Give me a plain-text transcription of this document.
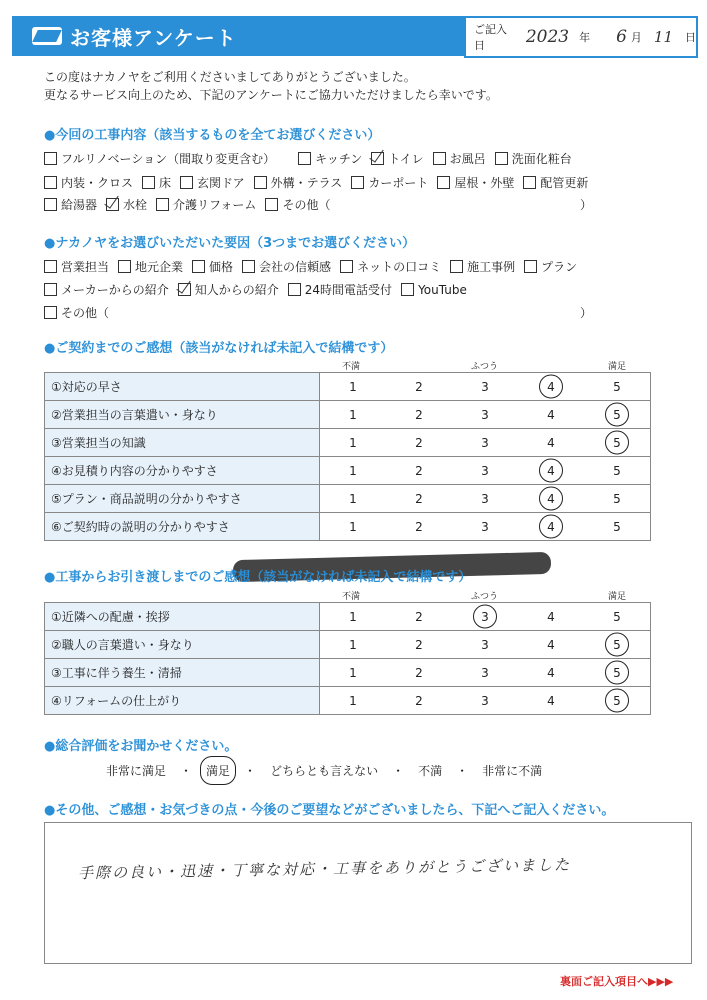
お客様アンケート	ご記入日	2023 年 6 月 11 日
この度はナカノヤをご利用くださいましてありがとうございました。
更なるサービス向上のため、下記のアンケートにご協力いただけましたら幸いです。
●今回の工事内容（該当するものを全てお選びください）
フルリノベーション（間取り変更含む）	キッチン トイレ お風呂 洗面化粧台
内装・クロス 床 玄関ドア 外構・テラス カーポート 屋根・外壁 配管更新
給湯器 水栓 介護リフォーム その他（	）
●ナカノヤをお選びいただいた要因（3つまでお選びください）
営業担当 地元企業 価格 会社の信頼感 ネットの口コミ 施工事例 プラン
メーカーからの紹介 知人からの紹介 24時間電話受付 YouTube
その他（	）
●ご契約までのご感想（該当がなければ未記入で結構です）
不満	ふつう	満足
①対応の早さ	1	2	3	4	5
②営業担当の言葉遣い・身なり	1	2	3	4	5
③営業担当の知識	1	2	3	4	5
④お見積り内容の分かりやすさ	1	2	3	4	5
⑤プラン・商品説明の分かりやすさ	1	2	3	4	5
⑥ご契約時の説明の分かりやすさ	1	2	3	4	5
●工事からお引き渡しまでのご感想（該当がなければ未記入で結構です）
不満	ふつう	満足
①近隣への配慮・挨拶	1	2	3	4	5
②職人の言葉遣い・身なり	1	2	3	4	5
③工事に伴う養生・清掃	1	2	3	4	5
④リフォームの仕上がり	1	2	3	4	5
●総合評価をお聞かせください。
非常に満足 ・ 満足 ・ どちらとも言えない ・ 不満 ・ 非常に不満
●その他、ご感想・お気づきの点・今後のご要望などがございましたら、下記へご記入ください。
手際の良い・迅速・丁寧な対応・工事をありがとうございました
裏面ご記入項目へ▶▶▶
